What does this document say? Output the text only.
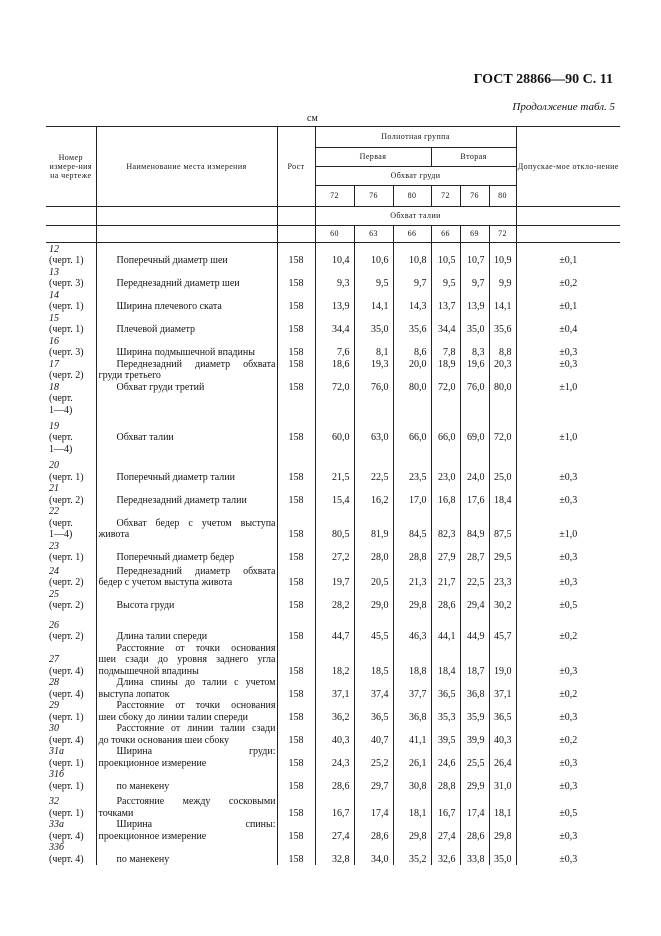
ГОСТ 28866—90 С. 11
Продолжение табл. 5
см
Номер измере-ния на чертеже	Наименование места измерения	Рост	Полнотная группа						Допускае-мое откло-нение
			Первая			Вторая			
			Обхват груди						
			72	76	80	72	76	80	
			Обхват талии						
			60	63	66	66	69	72	

12
(черт. 1)	Поперечный диаметр шеи	158	10,4	10,6	10,8	10,5	10,7	10,9	±0,1

13
(черт. 3)	Переднезадний диаметр шеи	158	9,3	9,5	9,7	9,5	9,7	9,9	±0,2

14
(черт. 1)	Ширина плечевого ската	158	13,9	14,1	14,3	13,7	13,9	14,1	±0,1

15
(черт. 1)	Плечевой диаметр	158	34,4	35,0	35,6	34,4	35,0	35,6	±0,4

16
(черт. 3)	Ширина подмышечной впадины	158	7,6	8,1	8,6	7,8	8,3	8,8	±0,3

17
(черт. 2)	Переднезадний диаметр обхвата
груди третьего	158	18,6	19,3	20,0	18,9	19,6	20,3	±0,3

18
(черт.
1—4)	Обхват груди третий	158	72,0	76,0	80,0	72,0	76,0	80,0	±1,0

19
(черт.
1—4)	Обхват талии	158	60,0	63,0	66,0	66,0	69,0	72,0	±1,0

20
(черт. 1)	Поперечный диаметр талии	158	21,5	22,5	23,5	23,0	24,0	25,0	±0,3

21
(черт. 2)	Переднезадний диаметр талии	158	15,4	16,2	17,0	16,8	17,6	18,4	±0,3

22
(черт.
1—4)	Обхват бедер с учетом выступа
живота	158	80,5	81,9	84,5	82,3	84,9	87,5	±1,0

23
(черт. 1)	Поперечный диаметр бедер	158	27,2	28,0	28,8	27,9	28,7	29,5	±0,3

24
(черт. 2)	Переднезадний диаметр обхвата
бедер с учетом выступа живота	158	19,7	20,5	21,3	21,7	22,5	23,3	±0,3

25
(черт. 2)	Высота груди	158	28,2	29,0	29,8	28,6	29,4	30,2	±0,5

26
(черт. 2)	Длина талии спереди	158	44,7	45,5	46,3	44,1	44,9	45,7	±0,2

27
(черт. 4)	Расстояние от точки основания
шеи сзади до уровня заднего угла
подмышечной впадины	158	18,2	18,5	18,8	18,4	18,7	19,0	±0,3

28
(черт. 4)	Длина спины до талии с учетом
выступа лопаток	158	37,1	37,4	37,7	36,5	36,8	37,1	±0,2

29
(черт. 1)	Расстояние от точки основания
шеи сбоку до линии талии спереди	158	36,2	36,5	36,8	35,3	35,9	36,5	±0,3

30
(черт. 4)	Расстояние от линии талии сзади
до точки основания шеи сбоку	158	40,3	40,7	41,1	39,5	39,9	40,3	±0,2

31а
(черт. 1)	Ширина груди:
проекционное измерение	158	24,3	25,2	26,1	24,6	25,5	26,4	±0,3

31б
(черт. 1)	по манекену	158	28,6	29,7	30,8	28,8	29,9	31,0	±0,3

32
(черт. 1)	Расстояние между сосковыми
точками	158	16,7	17,4	18,1	16,7	17,4	18,1	±0,5

33а
(черт. 4)	Ширина спины:
проекционное измерение	158	27,4	28,6	29,8	27,4	28,6	29,8	±0,3

33б
(черт. 4)	по манекену	158	32,8	34,0	35,2	32,6	33,8	35,0	±0,3
